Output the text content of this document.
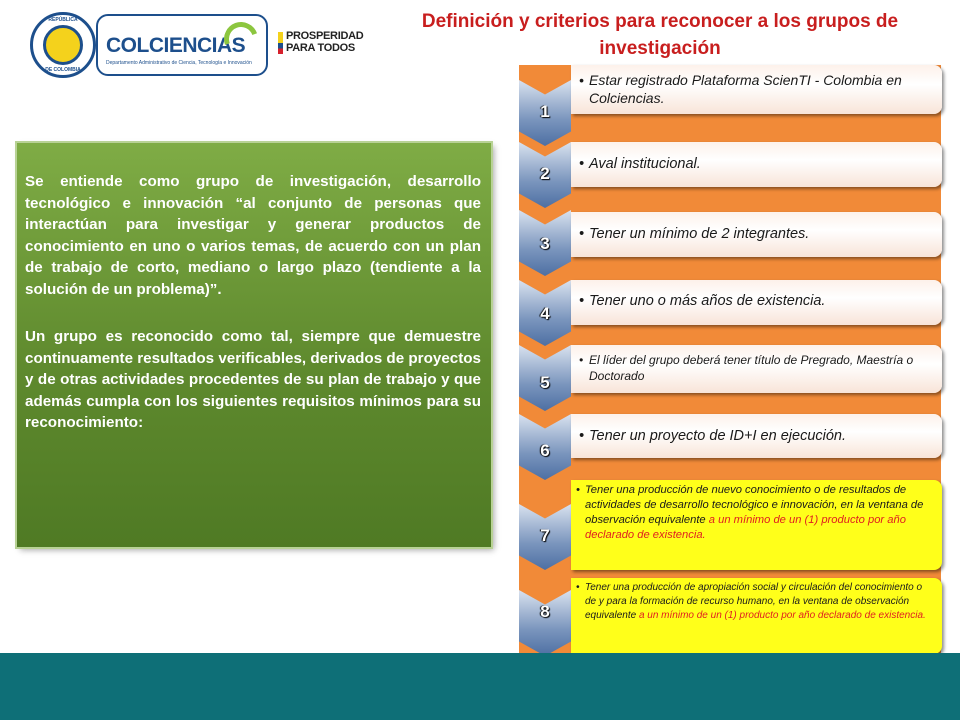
REPÚBLICA
DE COLOMBIA
COLCIENCIAS
Departamento Administrativo de Ciencia, Tecnología e Innovación
PROSPERIDAD
PARA TODOS
Definición y criterios para reconocer a los grupos de investigación

Se entiende como grupo de investigación, desarrollo tecnológico e innovación “al conjunto de personas que interactúan para investigar y generar productos de conocimiento en uno o varios temas, de acuerdo con un plan de trabajo de corto, mediano o largo plazo (tendiente a la solución de un problema)”.

Un grupo es reconocido como tal, siempre que demuestre continuamente resultados verificables, derivados de proyectos y de otras actividades procedentes de su plan de trabajo y que además cumpla con los siguientes requisitos mínimos para su reconocimiento:

1
• Estar registrado Plataforma ScienTI - Colombia en Colciencias.
2	• Aval institucional.
3	• Tener un mínimo de 2 integrantes.
4
• Tener uno o más años de existencia.
5
• El líder del grupo deberá tener título de Pregrado, Maestría o Doctorado
6
• Tener un proyecto de ID+I en ejecución.
7
• Tener una producción de nuevo conocimiento o de resultados de actividades de desarrollo tecnológico e innovación, en la ventana de observación equivalente a un mínimo de un (1) producto por año declarado de existencia.
8
• Tener una producción de apropiación social y circulación del conocimiento o de y para la formación de recurso humano, en la ventana de observación equivalente a un mínimo de un (1) producto por año declarado de existencia.
